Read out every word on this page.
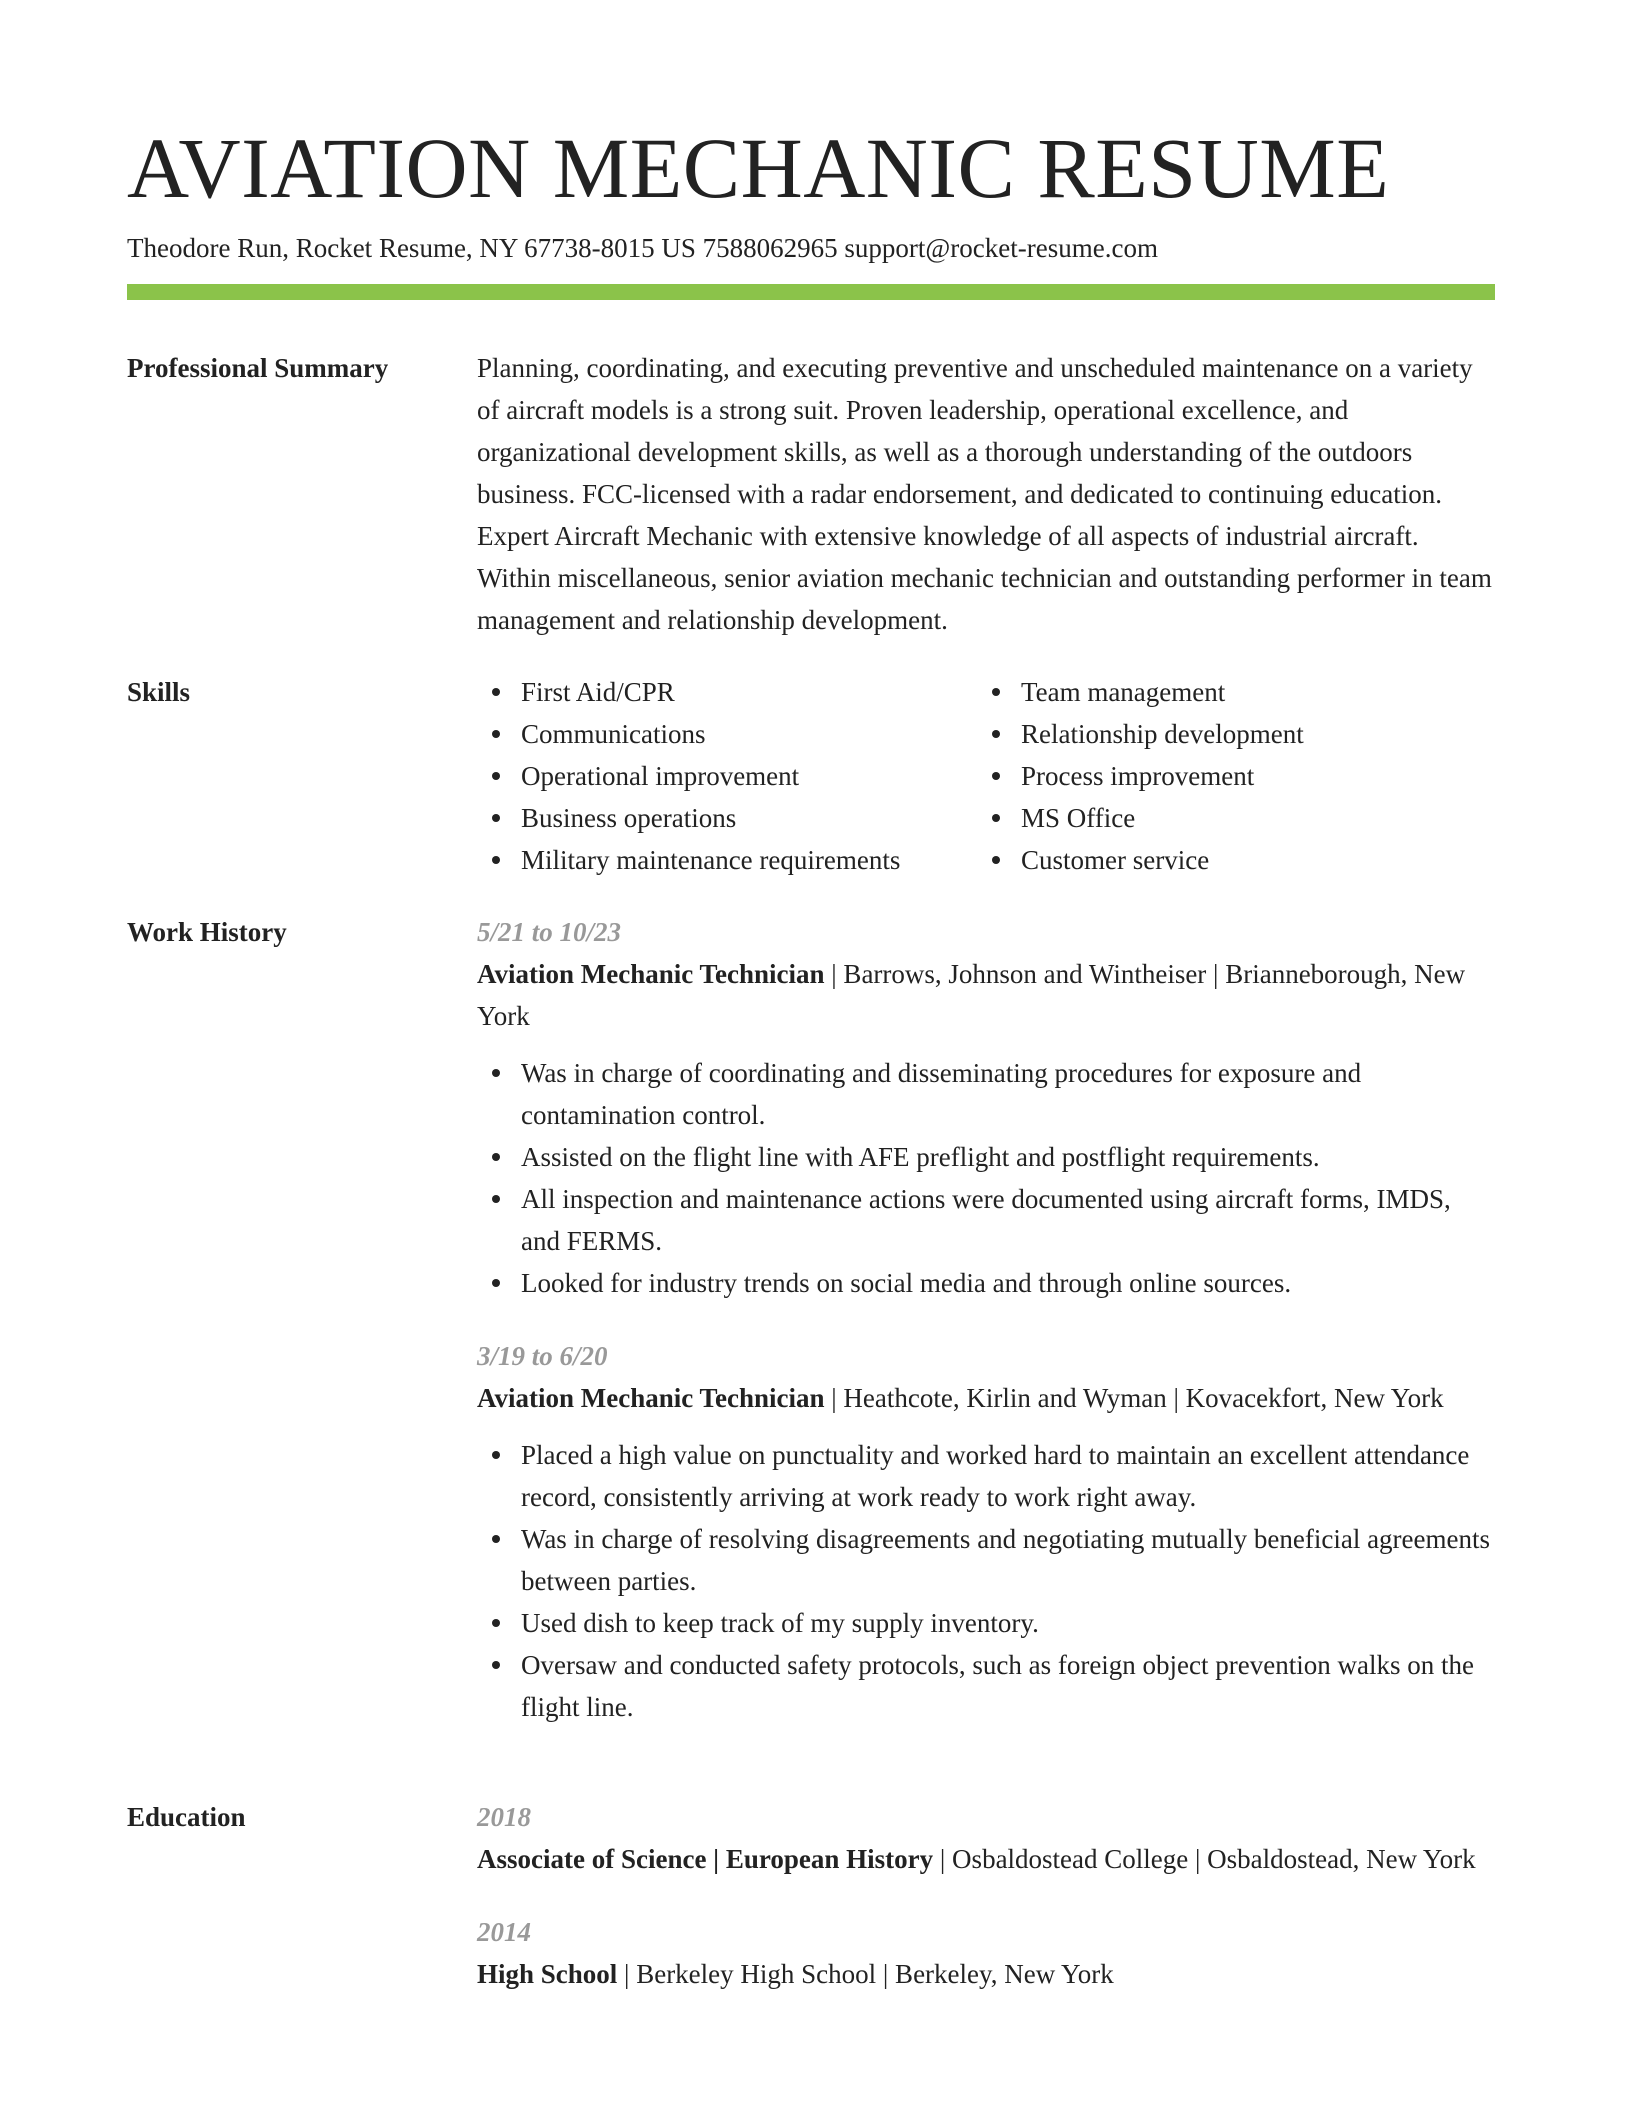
AVIATION MECHANIC RESUME
Theodore Run, Rocket Resume, NY 67738-8015 US 7588062965 support@rocket-resume.com
Professional Summary	Planning, coordinating, and executing preventive and unscheduled maintenance on a variety of aircraft models is a strong suit. Proven leadership, operational excellence, and organizational development skills, as well as a thorough understanding of the outdoors business. FCC-licensed with a radar endorsement, and dedicated to continuing education. Expert Aircraft Mechanic with extensive knowledge of all aspects of industrial aircraft. Within miscellaneous, senior aviation mechanic technician and outstanding performer in team management and relationship development.

Skills	First Aid/CPR
Communications
Operational improvement
Business operations
Military maintenance requirements
Team management
Relationship development
Process improvement
MS Office
Customer service
Work History	5/21 to 10/23
Aviation Mechanic Technician | Barrows, Johnson and Wintheiser | Brianneborough, New York
Was in charge of coordinating and disseminating procedures for exposure and contamination control.
Assisted on the flight line with AFE preflight and postflight requirements.
All inspection and maintenance actions were documented using aircraft forms, IMDS, and FERMS.
Looked for industry trends on social media and through online sources.
3/19 to 6/20
Aviation Mechanic Technician | Heathcote, Kirlin and Wyman | Kovacekfort, New York
Placed a high value on punctuality and worked hard to maintain an excellent attendance record, consistently arriving at work ready to work right away.
Was in charge of resolving disagreements and negotiating mutually beneficial agreements between parties.
Used dish to keep track of my supply inventory.
Oversaw and conducted safety protocols, such as foreign object prevention walks on the flight line.
Education	2018
Associate of Science | European History | Osbaldostead College | Osbaldostead, New York
2014
High School | Berkeley High School | Berkeley, New York
